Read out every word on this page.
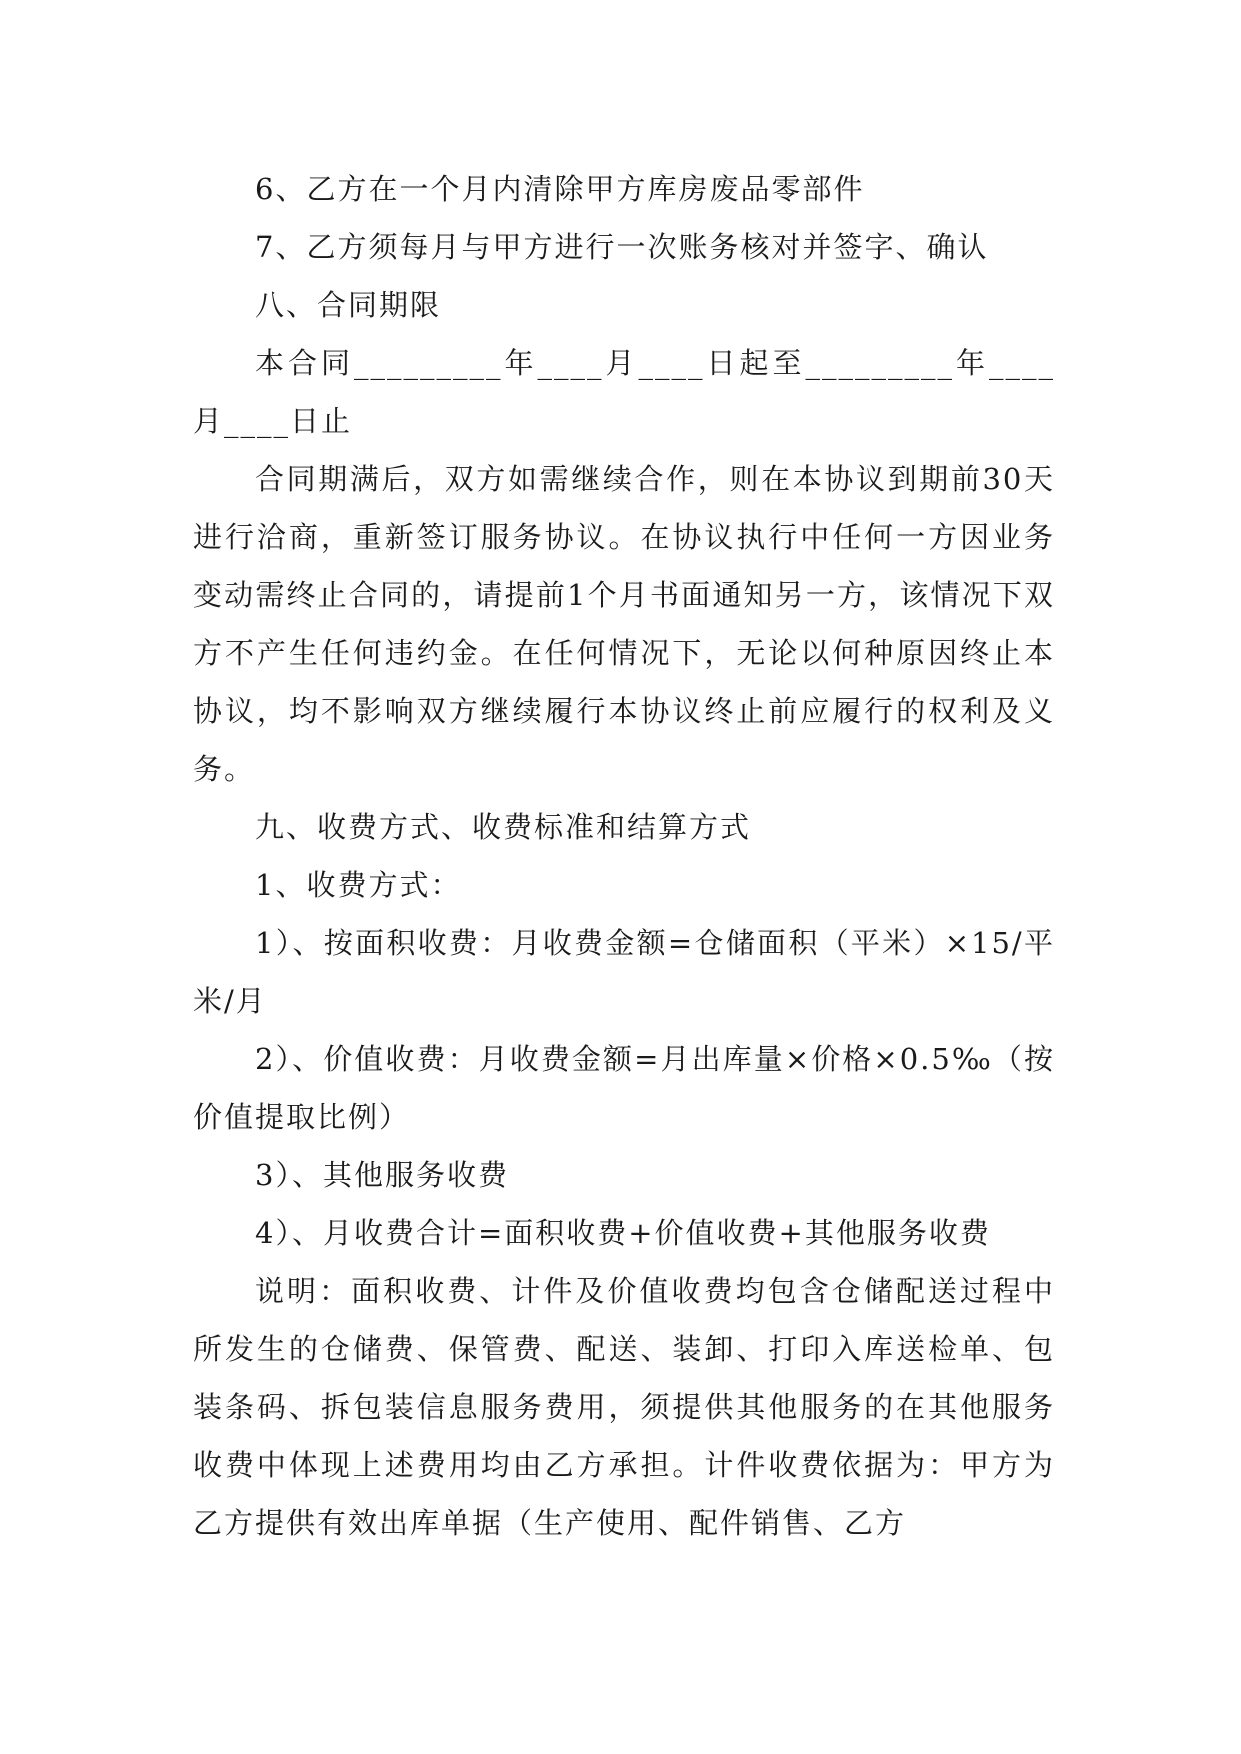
6、乙方在一个月内清除甲方库房废品零部件

7、乙方须每月与甲方进行一次账务核对并签字、确认

八、合同期限

本合同_________年____月____日起至_________年____月____日止

合同期满后，双方如需继续合作，则在本协议到期前30天进行洽商，重新签订服务协议。在协议执行中任何一方因业务变动需终止合同的，请提前1个月书面通知另一方，该情况下双方不产生任何违约金。在任何情况下，无论以何种原因终止本协议，均不影响双方继续履行本协议终止前应履行的权利及义务。

九、收费方式、收费标准和结算方式

1、收费方式：

1）、按面积收费：月收费金额=仓储面积（平米）×15/平米/月

2）、价值收费：月收费金额=月出库量×价格×0.5‰（按价值提取比例）

3）、其他服务收费

4）、月收费合计=面积收费+价值收费+其他服务收费

说明：面积收费、计件及价值收费均包含仓储配送过程中所发生的仓储费、保管费、配送、装卸、打印入库送检单、包装条码、拆包装信息服务费用，须提供其他服务的在其他服务收费中体现上述费用均由乙方承担。计件收费依据为：甲方为乙方提供有效出库单据（生产使用、配件销售、乙方
